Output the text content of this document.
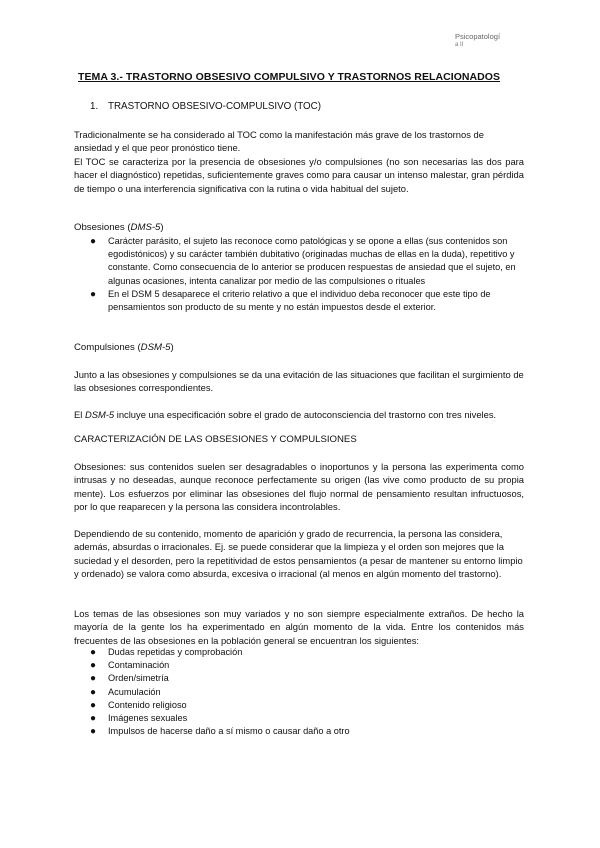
Psicopatologí
a II
TEMA 3.- TRASTORNO OBSESIVO COMPULSIVO Y TRASTORNOS RELACIONADOS
1. TRASTORNO OBSESIVO-COMPULSIVO (TOC)

Tradicionalmente se ha considerado al TOC como la manifestación más grave de los trastornos de ansiedad y el que peor pronóstico tiene.

El TOC se caracteriza por la presencia de obsesiones y/o compulsiones (no son necesarias las dos para hacer el diagnóstico) repetidas, suficientemente graves como para causar un intenso malestar, gran pérdida de tiempo o una interferencia significativa con la rutina o vida habitual del sujeto.

Obsesiones (DMS-5)
● Carácter parásito, el sujeto las reconoce como patológicas y se opone a ellas (sus contenidos son egodistónicos) y su carácter también dubitativo (originadas muchas de ellas en la duda), repetitivo y constante. Como consecuencia de lo anterior se producen respuestas de ansiedad que el sujeto, en algunas ocasiones, intenta canalizar por medio de las compulsiones o rituales
● En el DSM 5 desaparece el criterio relativo a que el individuo deba reconocer que este tipo de pensamientos son producto de su mente y no están impuestos desde el exterior.
Compulsiones (DSM-5)

Junto a las obsesiones y compulsiones se da una evitación de las situaciones que facilitan el surgimiento de las obsesiones correspondientes.

El DSM-5 incluye una especificación sobre el grado de autoconsciencia del trastorno con tres niveles.

CARACTERIZACIÓN DE LAS OBSESIONES Y COMPULSIONES

Obsesiones: sus contenidos suelen ser desagradables o inoportunos y la persona las experimenta como intrusas y no deseadas, aunque reconoce perfectamente su origen (las vive como producto de su propia mente). Los esfuerzos por eliminar las obsesiones del flujo normal de pensamiento resultan infructuosos, por lo que reaparecen y la persona las considera incontrolables.

Dependiendo de su contenido, momento de aparición y grado de recurrencia, la persona las considera, además, absurdas o irracionales. Ej. se puede considerar que la limpieza y el orden son mejores que la suciedad y el desorden, pero la repetitividad de estos pensamientos (a pesar de mantener su entorno limpio y ordenado) se valora como absurda, excesiva o irracional (al menos en algún momento del trastorno).

Los temas de las obsesiones son muy variados y no son siempre especialmente extraños. De hecho la mayoría de la gente los ha experimentado en algún momento de la vida. Entre los contenidos más frecuentes de las obsesiones en la población general se encuentran los siguientes:

● Dudas repetidas y comprobación
● Contaminación
● Orden/simetría
● Acumulación
● Contenido religioso
● Imágenes sexuales
● Impulsos de hacerse daño a sí mismo o causar daño a otro
